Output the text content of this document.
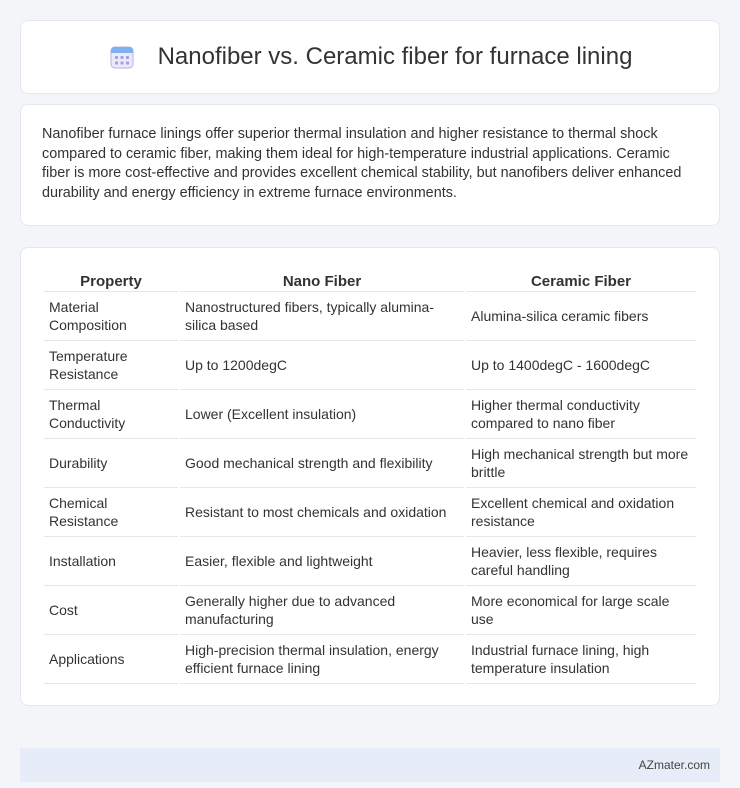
Nanofiber vs. Ceramic fiber for furnace lining

Nanofiber furnace linings offer superior thermal insulation and higher resistance to thermal shock compared to ceramic fiber, making them ideal for high-temperature industrial applications. Ceramic fiber is more cost-effective and provides excellent chemical stability, but nanofibers deliver enhanced durability and energy efficiency in extreme furnace environments.

Property	Nano Fiber	Ceramic Fiber
Material Composition	Nanostructured fibers, typically alumina-silica based	Alumina-silica ceramic fibers
Temperature Resistance	Up to 1200degC	Up to 1400degC - 1600degC
Thermal Conductivity	Lower (Excellent insulation)	Higher thermal conductivity compared to nano fiber
Durability	Good mechanical strength and flexibility	High mechanical strength but more brittle
Chemical Resistance	Resistant to most chemicals and oxidation	Excellent chemical and oxidation resistance
Installation	Easier, flexible and lightweight	Heavier, less flexible, requires careful handling
Cost	Generally higher due to advanced manufacturing	More economical for large scale use
Applications	High-precision thermal insulation, energy efficient furnace lining	Industrial furnace lining, high temperature insulation
AZmater.com
